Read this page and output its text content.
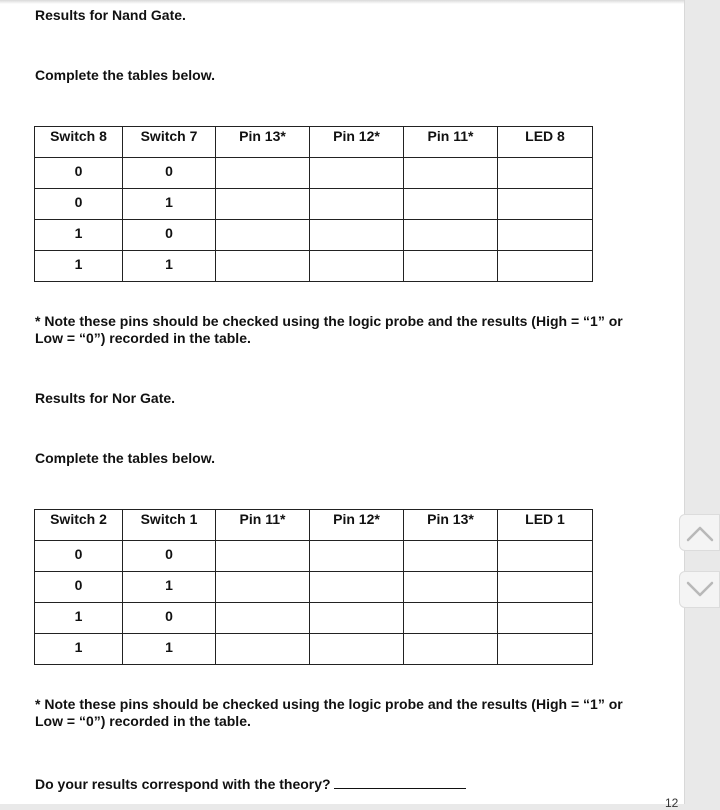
Results for Nand Gate.

Complete the tables below.

Switch 8	Switch 7	Pin 13*	Pin 12*	Pin 11*	LED 8

0	0				

0	1				

1	0				

1	1				

* Note these pins should be checked using the logic probe and the results (High = “1” or
Low = “0”) recorded in the table.

Results for Nor Gate.

Complete the tables below.

Switch 2	Switch 1	Pin 11*	Pin 12*	Pin 13*	LED 1

0	0				

0	1				

1	0				

1	1				

* Note these pins should be checked using the logic probe and the results (High = “1” or
Low = “0”) recorded in the table.

Do your results correspond with the theory?

12
